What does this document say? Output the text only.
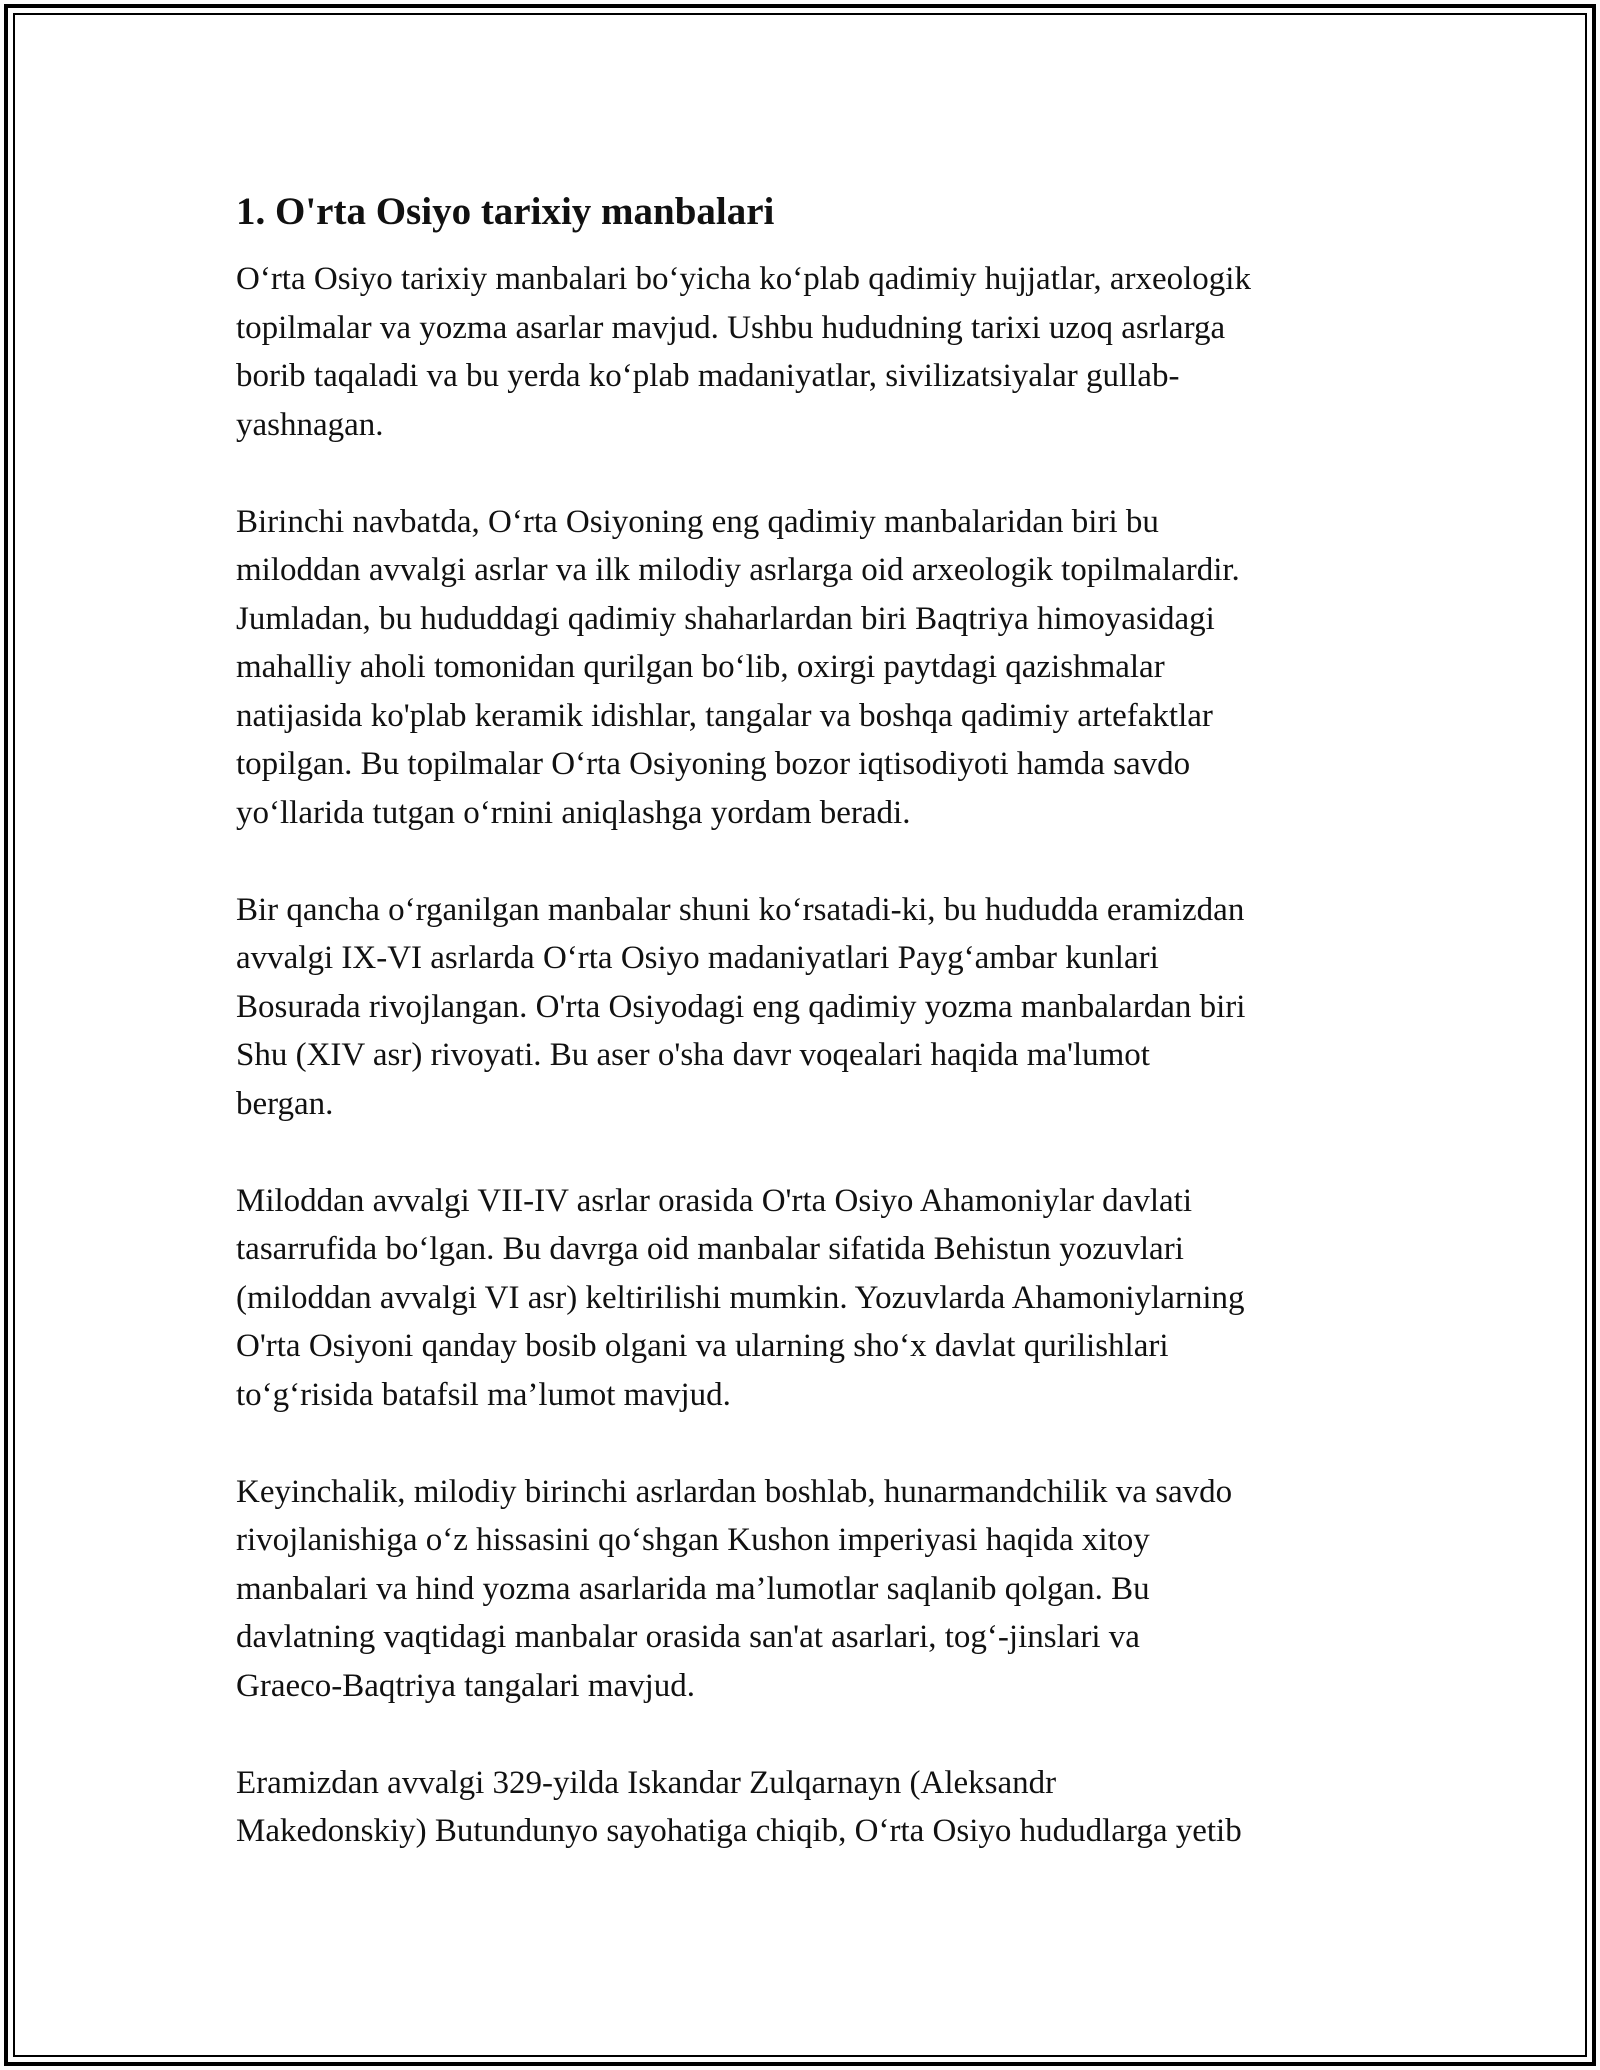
1. O'rta Osiyo tarixiy manbalari

O‘rta Osiyo tarixiy manbalari bo‘yicha ko‘plab qadimiy hujjatlar, arxeologik
topilmalar va yozma asarlar mavjud. Ushbu hududning tarixi uzoq asrlarga
borib taqaladi va bu yerda ko‘plab madaniyatlar, sivilizatsiyalar gullab-
yashnagan.

Birinchi navbatda, O‘rta Osiyoning eng qadimiy manbalaridan biri bu
miloddan avvalgi asrlar va ilk milodiy asrlarga oid arxeologik topilmalardir.
Jumladan, bu hududdagi qadimiy shaharlardan biri Baqtriya himoyasidagi
mahalliy aholi tomonidan qurilgan bo‘lib, oxirgi paytdagi qazishmalar
natijasida ko'plab keramik idishlar, tangalar va boshqa qadimiy artefaktlar
topilgan. Bu topilmalar O‘rta Osiyoning bozor iqtisodiyoti hamda savdo
yo‘llarida tutgan o‘rnini aniqlashga yordam beradi.

Bir qancha o‘rganilgan manbalar shuni ko‘rsatadi-ki, bu hududda eramizdan
avvalgi IX-VI asrlarda O‘rta Osiyo madaniyatlari Payg‘ambar kunlari
Bosurada rivojlangan. O'rta Osiyodagi eng qadimiy yozma manbalardan biri
Shu (XIV asr) rivoyati. Bu aser o'sha davr voqealari haqida ma'lumot
bergan.

Miloddan avvalgi VII-IV asrlar orasida O'rta Osiyo Ahamoniylar davlati
tasarrufida bo‘lgan. Bu davrga oid manbalar sifatida Behistun yozuvlari
(miloddan avvalgi VI asr) keltirilishi mumkin. Yozuvlarda Ahamoniylarning
O'rta Osiyoni qanday bosib olgani va ularning sho‘x davlat qurilishlari
to‘g‘risida batafsil ma’lumot mavjud.

Keyinchalik, milodiy birinchi asrlardan boshlab, hunarmandchilik va savdo
rivojlanishiga o‘z hissasini qo‘shgan Kushon imperiyasi haqida xitoy
manbalari va hind yozma asarlarida ma’lumotlar saqlanib qolgan. Bu
davlatning vaqtidagi manbalar orasida san'at asarlari, tog‘-jinslari va
Graeco-Baqtriya tangalari mavjud.

Eramizdan avvalgi 329-yilda Iskandar Zulqarnayn (Aleksandr
Makedonskiy) Butundunyo sayohatiga chiqib, O‘rta Osiyo hududlarga yetib
